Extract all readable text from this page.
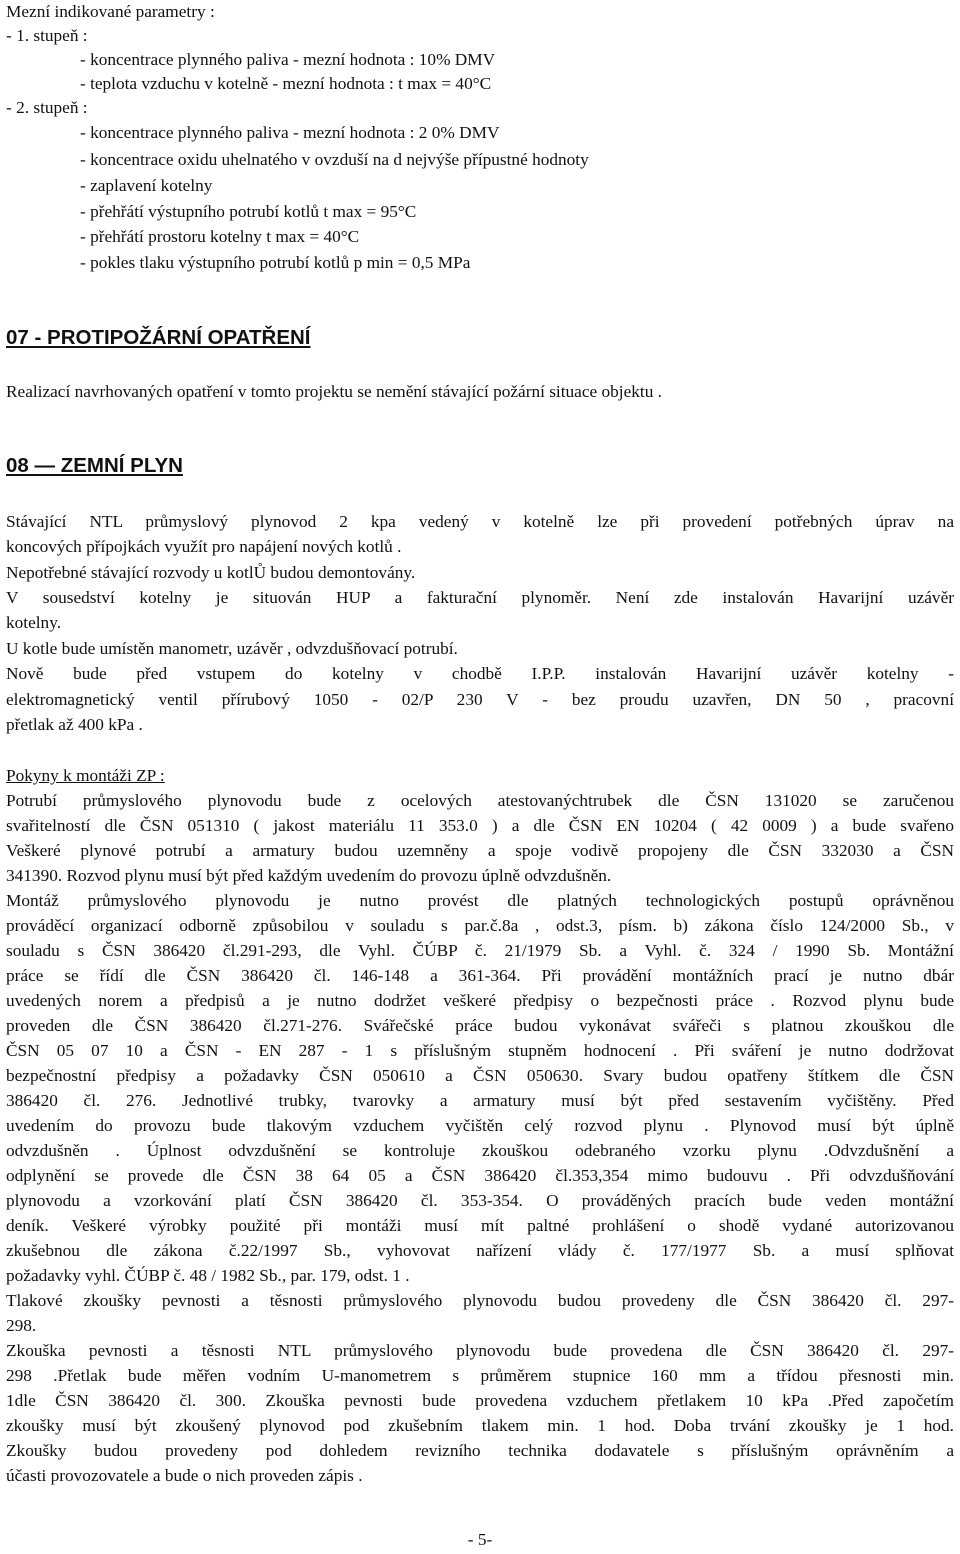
Mezní indikované parametry :
- 1. stupeň :
- koncentrace plynného paliva - mezní hodnota : 10% DMV
- teplota vzduchu v kotelně - mezní hodnota : t max = 40°C
- 2. stupeň :
- koncentrace plynného paliva - mezní hodnota : 2 0% DMV
- koncentrace oxidu uhelnatého v ovzduší na d nejvýše přípustné hodnoty
- zaplavení kotelny
- přehřátí výstupního potrubí kotlů t max = 95°C
- přehřátí prostoru kotelny t max = 40°C
- pokles tlaku výstupního potrubí kotlů p min = 0,5 MPa
07 - PROTIPOŽÁRNÍ OPATŘENÍ
Realizací navrhovaných opatření v tomto projektu se nemění stávající požární situace objektu .
08 — ZEMNÍ PLYN
Stávající NTL průmyslový plynovod 2 kpa vedený v kotelně lze při provedení potřebných úprav na
koncových přípojkách využít pro napájení nových kotlů .
Nepotřebné stávající rozvody u kotlŮ budou demontovány.
V sousedství kotelny je situován HUP a fakturační plynoměr. Není zde instalován Havarijní uzávěr
kotelny.
U kotle bude umístěn manometr, uzávěr , odvzdušňovací potrubí.
Nově bude před vstupem do kotelny v chodbě I.P.P. instalován Havarijní uzávěr kotelny -
elektromagnetický ventil přírubový 1050 - 02/P 230 V - bez proudu uzavřen, DN 50 , pracovní
přetlak až 400 kPa .
Pokyny k montáži ZP :
Potrubí průmyslového plynovodu bude z ocelových atestovanýchtrubek dle ČSN 131020 se zaručenou
svařitelností dle ČSN 051310 ( jakost materiálu 11 353.0 ) a dle ČSN EN 10204 ( 42 0009 ) a bude svařeno
Veškeré plynové potrubí a armatury budou uzemněny a spoje vodivě propojeny dle ČSN 332030 a ČSN
341390. Rozvod plynu musí být před každým uvedením do provozu úplně odvzdušněn.
Montáž průmyslového plynovodu je nutno provést dle platných technologických postupů oprávněnou
prováděcí organizací odborně způsobilou v souladu s par.č.8a , odst.3, písm. b) zákona číslo 124/2000 Sb., v
souladu s ČSN 386420 čl.291-293, dle Vyhl. ČÚBP č. 21/1979 Sb. a Vyhl. č. 324 / 1990 Sb. Montážní
práce se řídí dle ČSN 386420 čl. 146-148 a 361-364. Při provádění montážních prací je nutno dbár
uvedených norem a předpisů a je nutno dodržet veškeré předpisy o bezpečnosti práce . Rozvod plynu bude
proveden dle ČSN 386420 čl.271-276. Svářečské práce budou vykonávat svářeči s platnou zkouškou dle
ČSN 05 07 10 a ČSN - EN 287 - 1 s příslušným stupněm hodnocení . Při sváření je nutno dodržovat
bezpečnostní předpisy a požadavky ČSN 050610 a ČSN 050630. Svary budou opatřeny štítkem dle ČSN
386420 čl. 276. Jednotlivé trubky, tvarovky a armatury musí být před sestavením vyčištěny. Před
uvedením do provozu bude tlakovým vzduchem vyčištěn celý rozvod plynu . Plynovod musí být úplně
odvzdušněn . Úplnost odvzdušnění se kontroluje zkouškou odebraného vzorku plynu .Odvzdušnění a
odplynění se provede dle ČSN 38 64 05 a ČSN 386420 čl.353,354 mimo budouvu . Při odvzdušňování
plynovodu a vzorkování platí ČSN 386420 čl. 353-354. O prováděných pracích bude veden montážní
deník. Veškeré výrobky použité při montáži musí mít paltné prohlášení o shodě vydané autorizovanou
zkušebnou dle zákona č.22/1997 Sb., vyhovovat nařízení vlády č. 177/1977 Sb. a musí splňovat
požadavky vyhl. ČÚBP č. 48 / 1982 Sb., par. 179, odst. 1 .
Tlakové zkoušky pevnosti a těsnosti průmyslového plynovodu budou provedeny dle ČSN 386420 čl. 297-
298.
Zkouška pevnosti a těsnosti NTL průmyslového plynovodu bude provedena dle ČSN 386420 čl. 297-
298 .Přetlak bude měřen vodním U-manometrem s průměrem stupnice 160 mm a třídou přesnosti min.
1dle ČSN 386420 čl. 300. Zkouška pevnosti bude provedena vzduchem přetlakem 10 kPa .Před započetím
zkoušky musí být zkoušený plynovod pod zkušebním tlakem min. 1 hod. Doba trvání zkoušky je 1 hod.
Zkoušky budou provedeny pod dohledem revizního technika dodavatele s příslušným oprávněním a
účasti provozovatele a bude o nich proveden zápis .
- 5-
